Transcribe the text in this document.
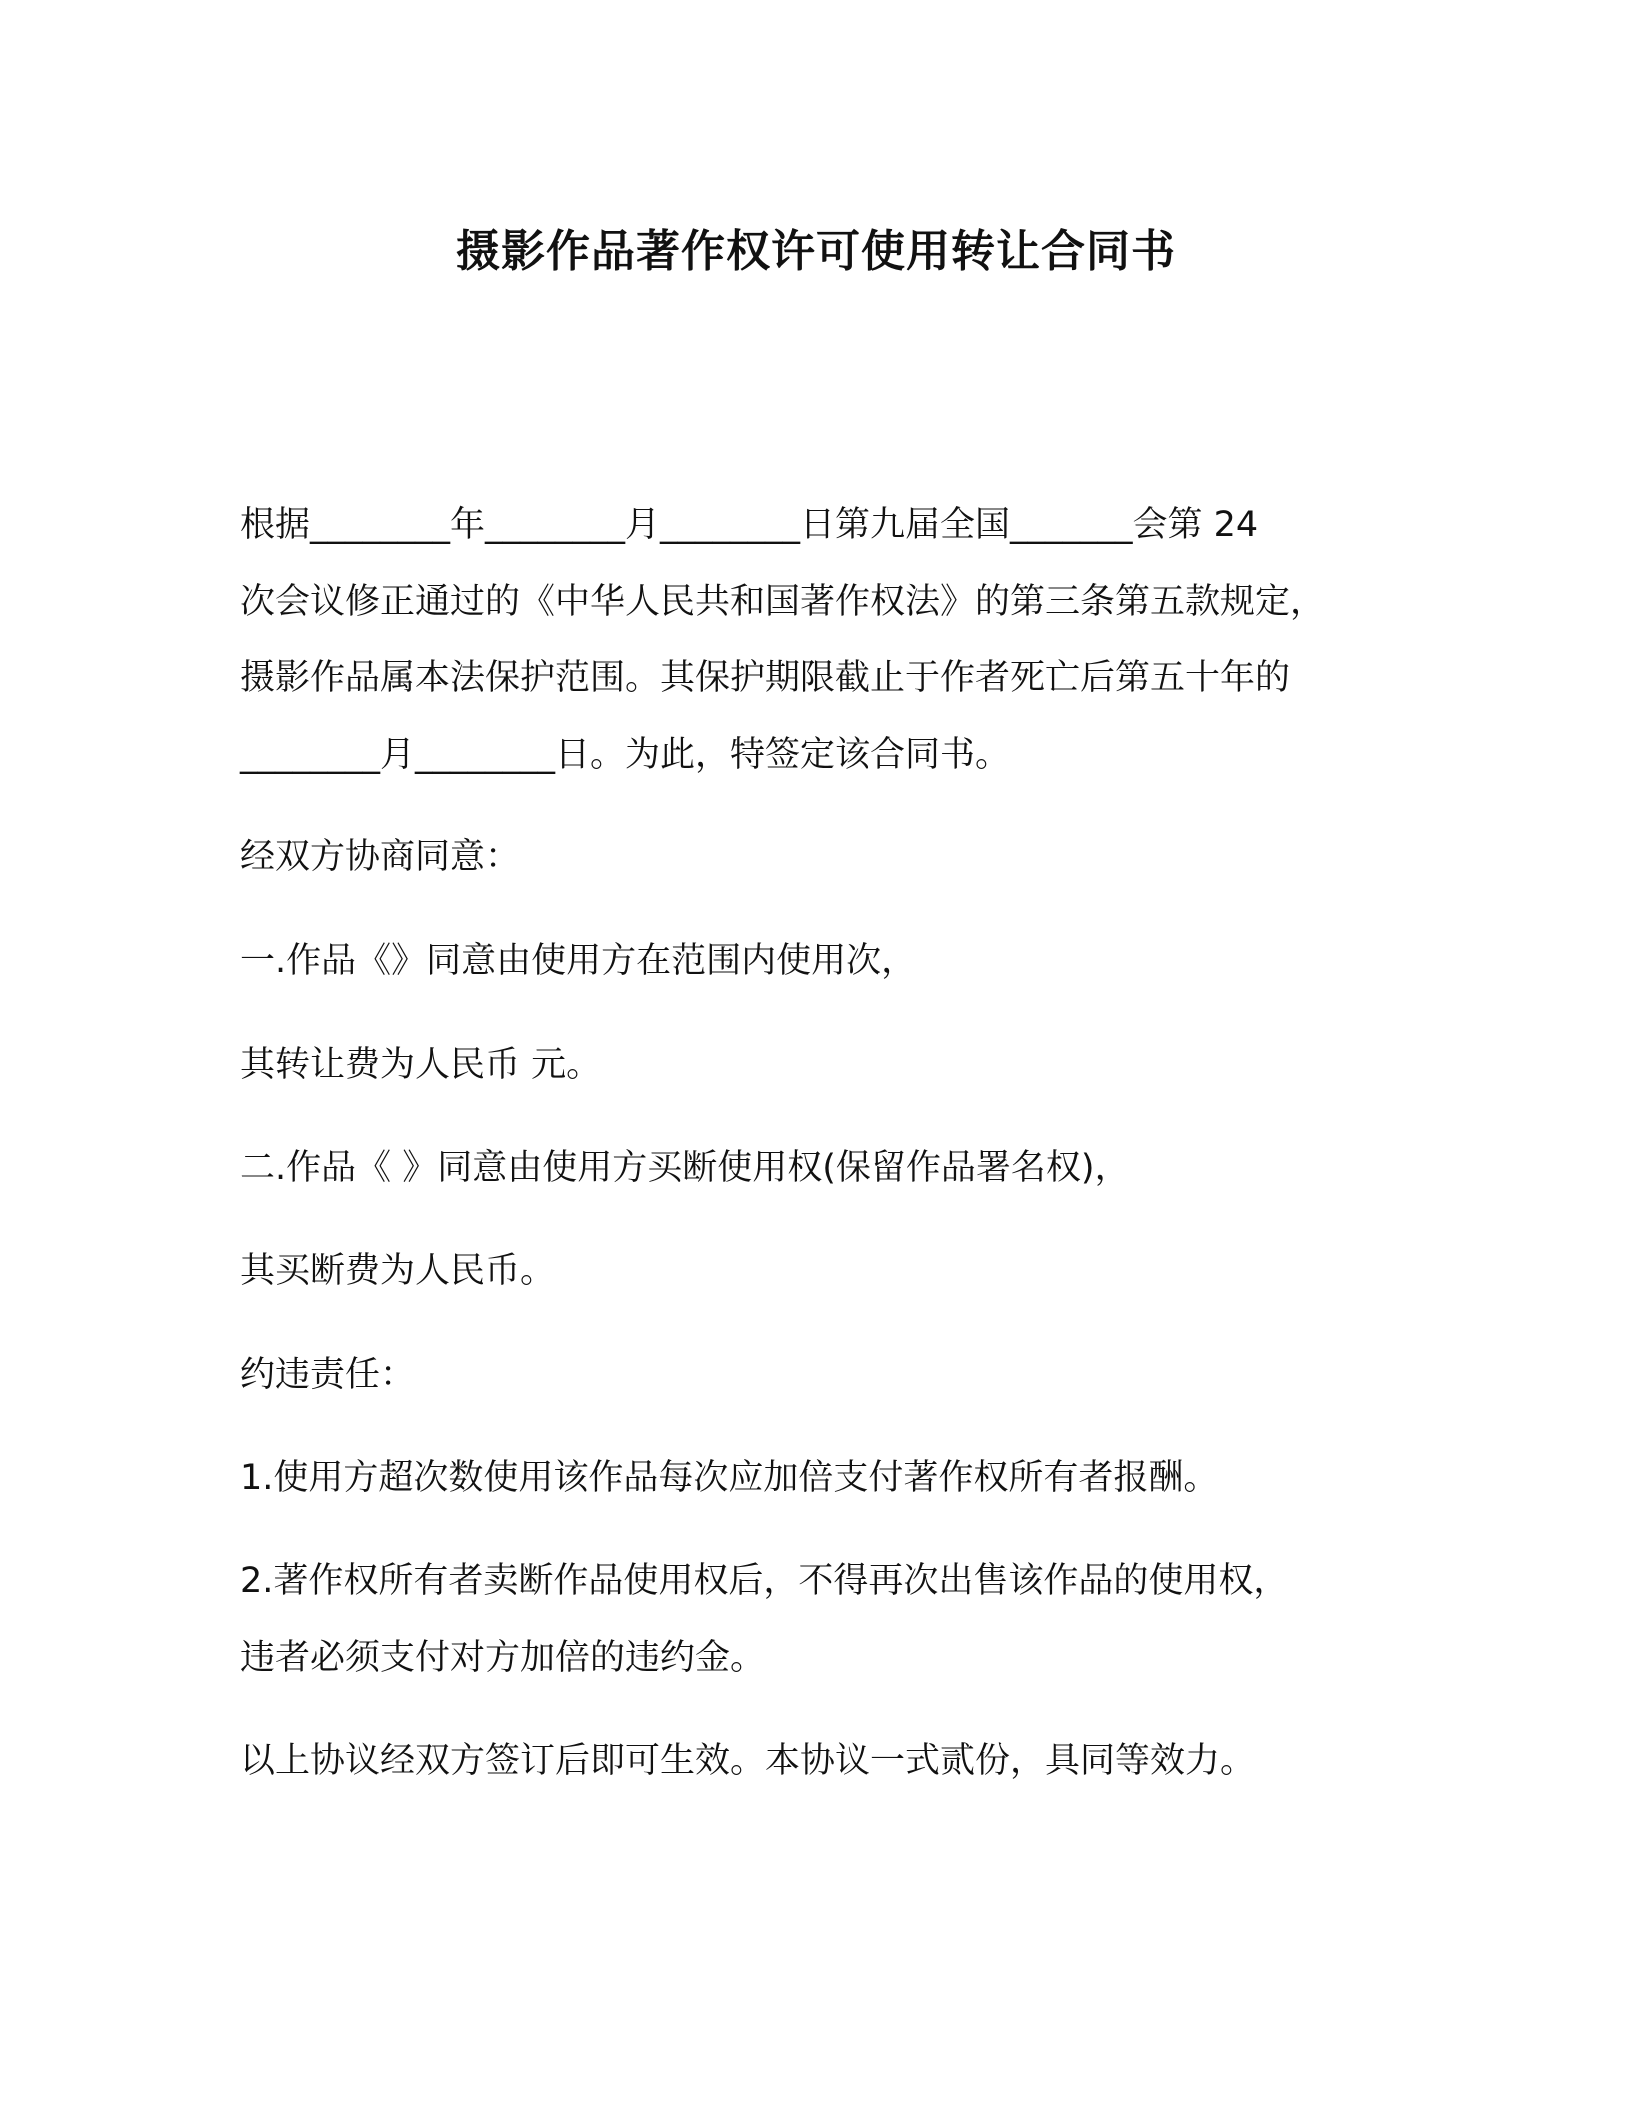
摄影作品著作权许可使用转让合同书
根据________年________月________日第九届全国_______会第 24
次会议修正通过的《中华人民共和国著作权法》的第三条第五款规定，
摄影作品属本法保护范围。其保护期限截止于作者死亡后第五十年的
________月________日。为此，特签定该合同书。
经双方协商同意：
一.作品《》同意由使用方在范围内使用次，
其转让费为人民币 元。
二.作品《 》同意由使用方买断使用权(保留作品署名权)，
其买断费为人民币。
约违责任：
1.使用方超次数使用该作品每次应加倍支付著作权所有者报酬。
2.著作权所有者卖断作品使用权后，不得再次出售该作品的使用权，
违者必须支付对方加倍的违约金。
以上协议经双方签订后即可生效。本协议一式贰份，具同等效力。
